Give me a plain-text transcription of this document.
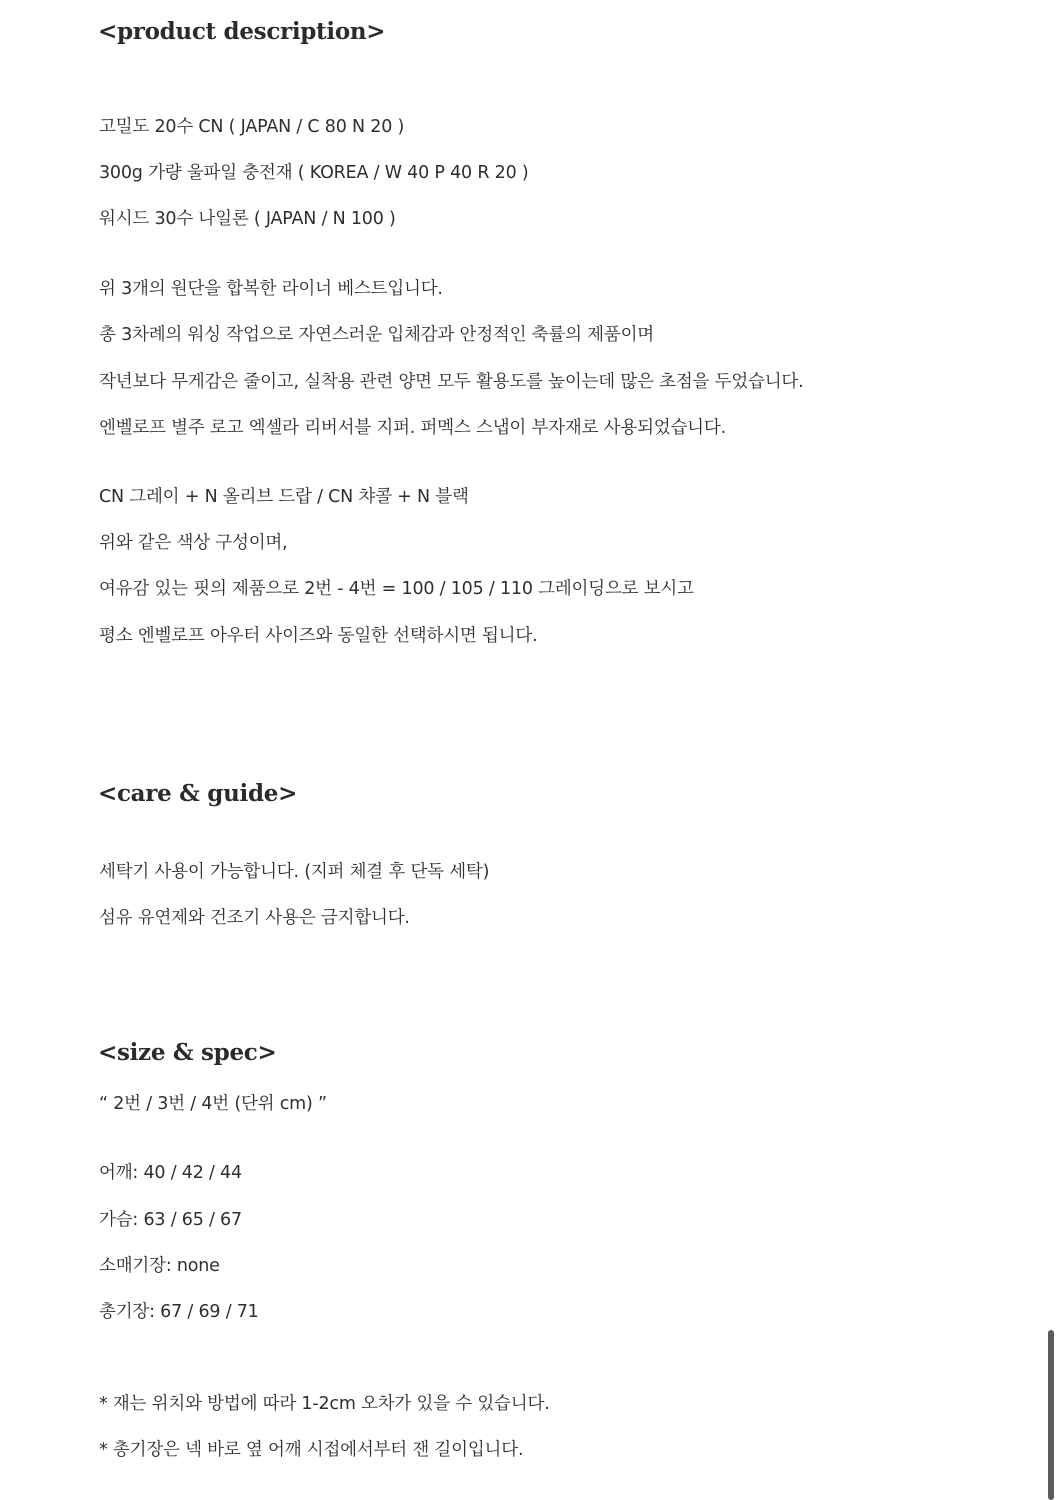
<product description>

고밀도 20수 CN ( JAPAN / C 80 N 20 )

300g 가량 울파일 충전재 ( KOREA / W 40 P 40 R 20 )

워시드 30수 나일론 ( JAPAN / N 100 )

위 3개의 원단을 합복한 라이너 베스트입니다.

총 3차례의 워싱 작업으로 자연스러운 입체감과 안정적인 축률의 제품이며

작년보다 무게감은 줄이고, 실착용 관련 양면 모두 활용도를 높이는데 많은 초점을 두었습니다.

엔벨로프 별주 로고 엑셀라 리버서블 지퍼. 퍼멕스 스냅이 부자재로 사용되었습니다.

CN 그레이 + N 올리브 드랍 / CN 챠콜 + N 블랙

위와 같은 색상 구성이며,

여유감 있는 핏의 제품으로 2번 - 4번 = 100 / 105 / 110 그레이딩으로 보시고

평소 엔벨로프 아우터 사이즈와 동일한 선택하시면 됩니다.

<care & guide>

세탁기 사용이 가능합니다. (지퍼 체결 후 단독 세탁)

섬유 유연제와 건조기 사용은 금지합니다.

<size & spec>

“ 2번 / 3번 / 4번 (단위 cm) ”

어깨: 40 / 42 / 44

가슴: 63 / 65 / 67

소매기장: none

총기장: 67 / 69 / 71

* 재는 위치와 방법에 따라 1-2cm 오차가 있을 수 있습니다.

* 총기장은 넥 바로 옆 어깨 시접에서부터 잰 길이입니다.
